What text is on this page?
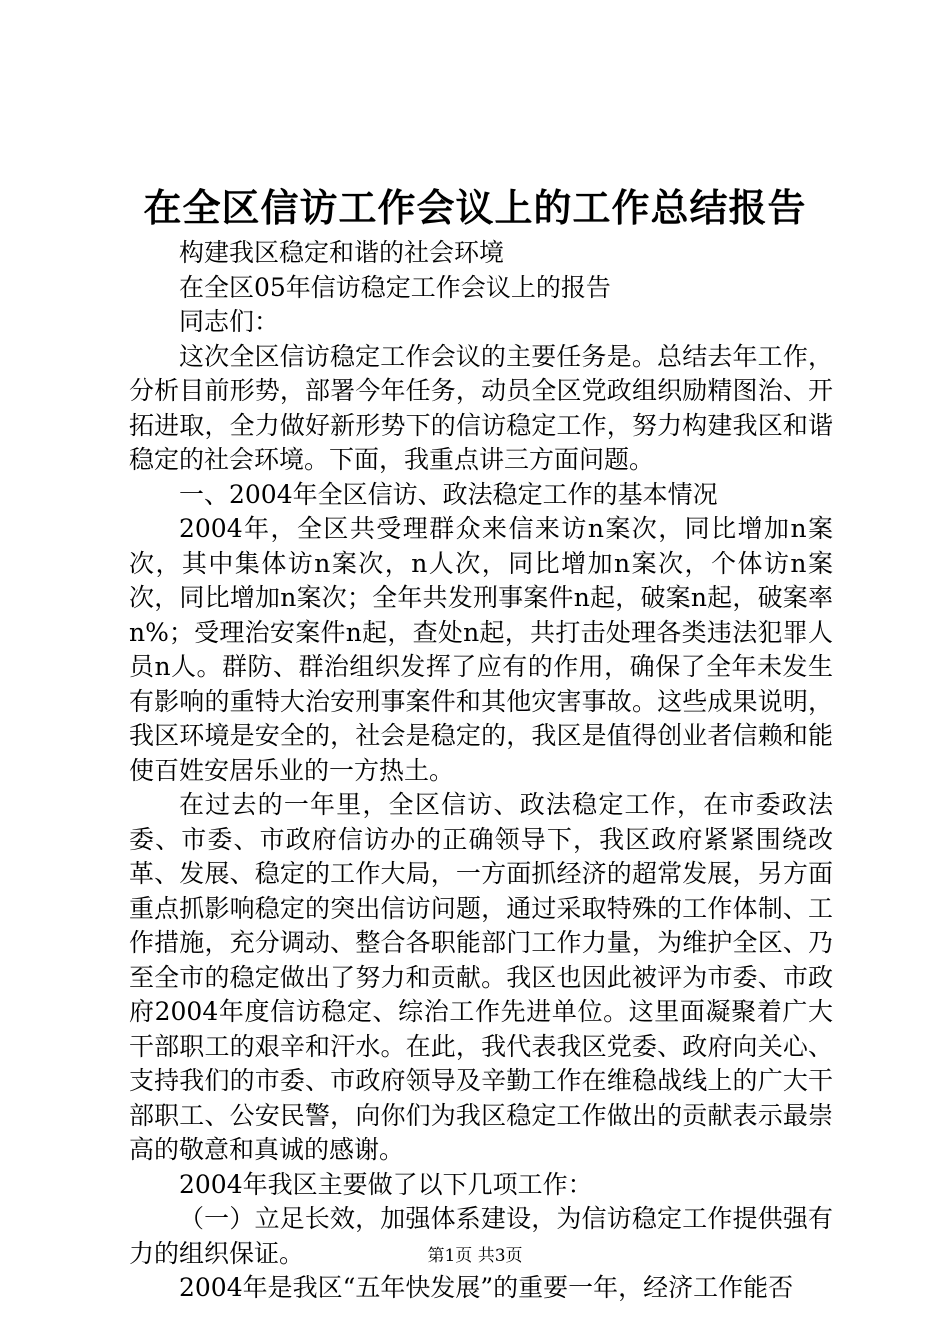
在全区信访工作会议上的工作总结报告

构建我区稳定和谐的社会环境

在全区05年信访稳定工作会议上的报告

同志们：

这次全区信访稳定工作会议的主要任务是。总结去年工作，分析目前形势，部署今年任务，动员全区党政组织励精图治、开拓进取，全力做好新形势下的信访稳定工作，努力构建我区和谐稳定的社会环境。下面，我重点讲三方面问题。

一、2004年全区信访、政法稳定工作的基本情况

2004年，全区共受理群众来信来访n案次，同比增加n案次，其中集体访n案次，n人次，同比增加n案次，个体访n案次，同比增加n案次；全年共发刑事案件n起，破案n起，破案率n%；受理治安案件n起，查处n起，共打击处理各类违法犯罪人员n人。群防、群治组织发挥了应有的作用，确保了全年未发生有影响的重特大治安刑事案件和其他灾害事故。这些成果说明，我区环境是安全的，社会是稳定的，我区是值得创业者信赖和能使百姓安居乐业的一方热土。

在过去的一年里，全区信访、政法稳定工作，在市委政法委、市委、市政府信访办的正确领导下，我区政府紧紧围绕改革、发展、稳定的工作大局，一方面抓经济的超常发展，另方面重点抓影响稳定的突出信访问题，通过采取特殊的工作体制、工作措施，充分调动、整合各职能部门工作力量，为维护全区、乃至全市的稳定做出了努力和贡献。我区也因此被评为市委、市政府2004年度信访稳定、综治工作先进单位。这里面凝聚着广大干部职工的艰辛和汗水。在此，我代表我区党委、政府向关心、支持我们的市委、市政府领导及辛勤工作在维稳战线上的广大干部职工、公安民警，向你们为我区稳定工作做出的贡献表示最崇高的敬意和真诚的感谢。

2004年我区主要做了以下几项工作：

（一）立足长效，加强体系建设，为信访稳定工作提供强有力的组织保证。

2004年是我区“五年快发展”的重要一年，经济工作能否

第1页 共3页
